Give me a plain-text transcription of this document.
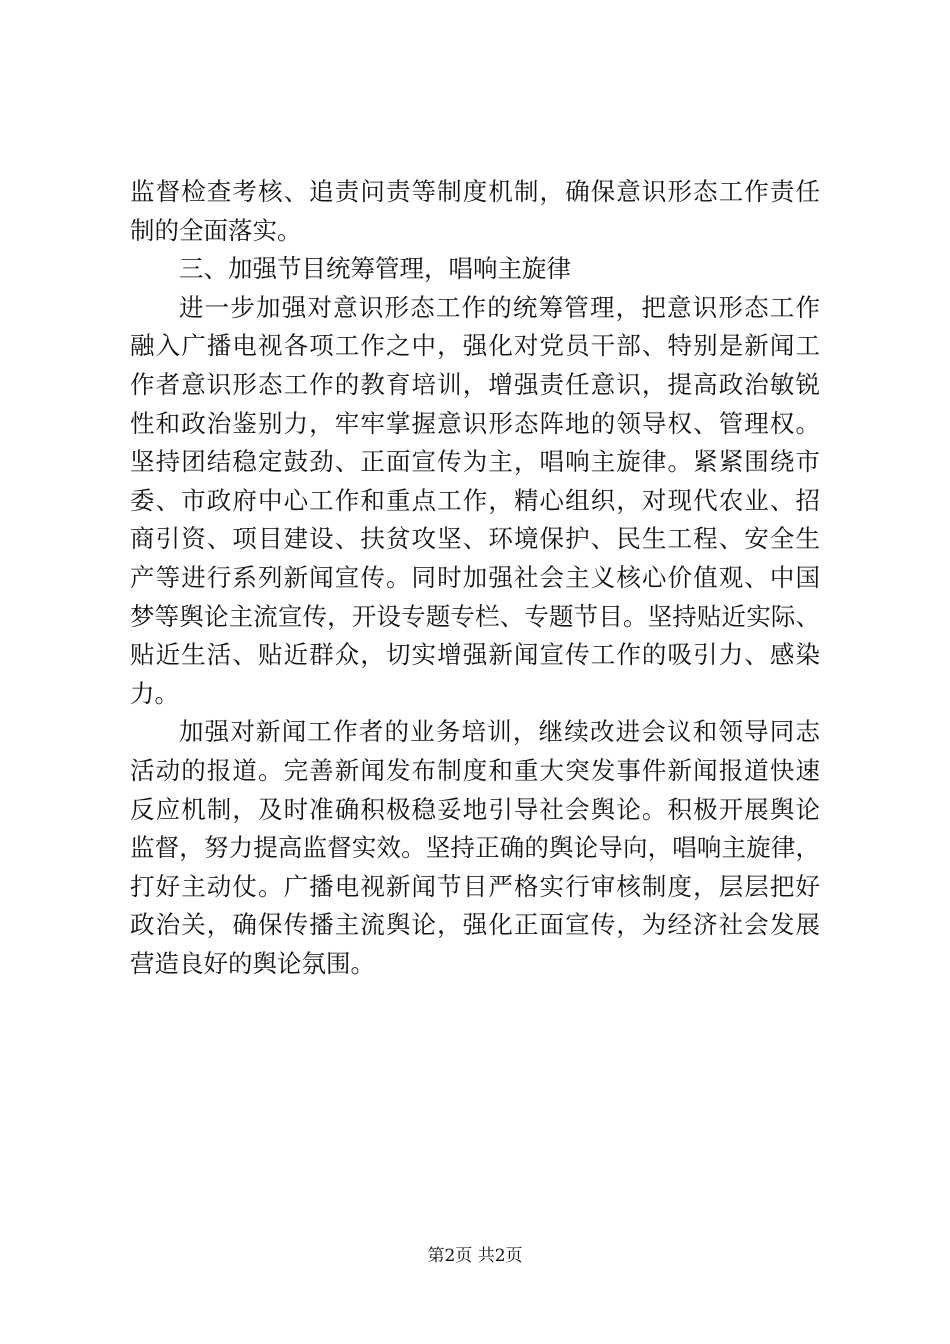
监督检查考核、追责问责等制度机制，确保意识形态工作责任
制的全面落实。
三、加强节目统筹管理，唱响主旋律
进一步加强对意识形态工作的统筹管理，把意识形态工作
融入广播电视各项工作之中，强化对党员干部、特别是新闻工
作者意识形态工作的教育培训，增强责任意识，提高政治敏锐
性和政治鉴别力，牢牢掌握意识形态阵地的领导权、管理权。
坚持团结稳定鼓劲、正面宣传为主，唱响主旋律。紧紧围绕市
委、市政府中心工作和重点工作，精心组织，对现代农业、招
商引资、项目建设、扶贫攻坚、环境保护、民生工程、安全生
产等进行系列新闻宣传。同时加强社会主义核心价值观、中国
梦等舆论主流宣传，开设专题专栏、专题节目。坚持贴近实际、
贴近生活、贴近群众，切实增强新闻宣传工作的吸引力、感染
力。
加强对新闻工作者的业务培训，继续改进会议和领导同志
活动的报道。完善新闻发布制度和重大突发事件新闻报道快速
反应机制，及时准确积极稳妥地引导社会舆论。积极开展舆论
监督，努力提高监督实效。坚持正确的舆论导向，唱响主旋律，
打好主动仗。广播电视新闻节目严格实行审核制度，层层把好
政治关，确保传播主流舆论，强化正面宣传，为经济社会发展
营造良好的舆论氛围。
第2页 共2页
